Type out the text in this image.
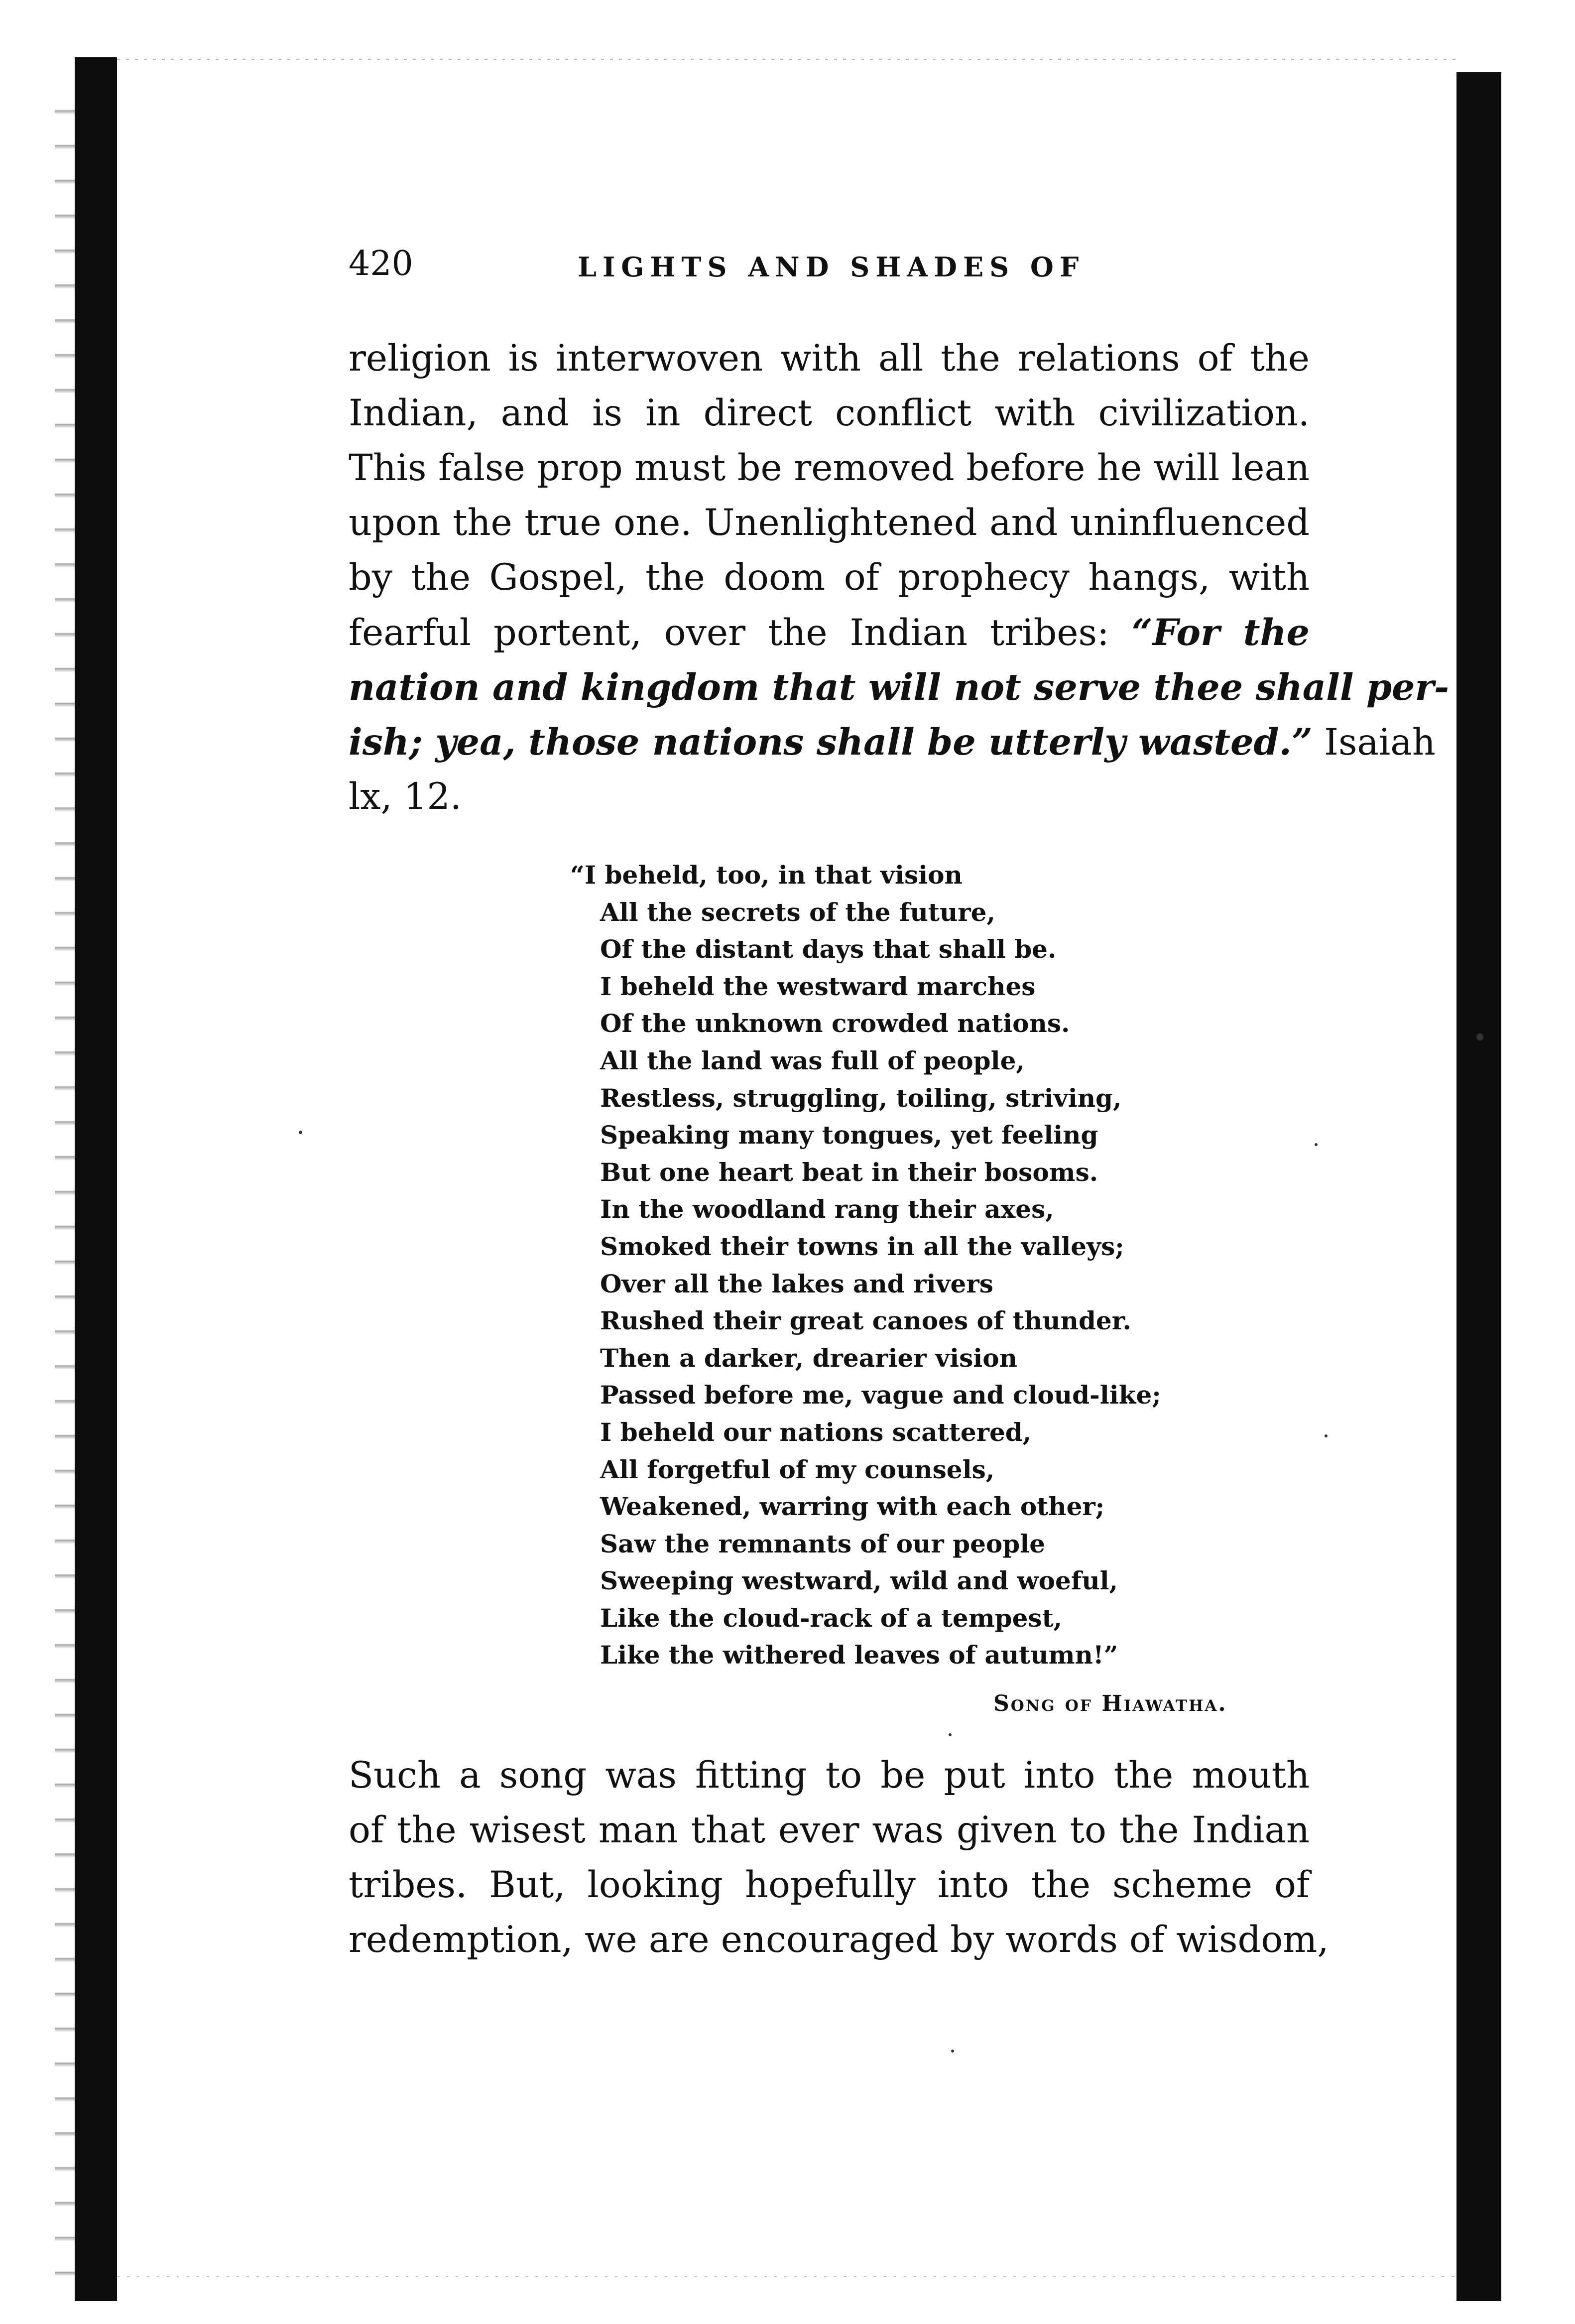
420	LIGHTS AND SHADES OF
religion is interwoven with all the relations of the
Indian, and is in direct conflict with civilization.
This false prop must be removed before he will lean
upon the true one. Unenlightened and uninfluenced
by the Gospel, the doom of prophecy hangs, with
fearful portent, over the Indian tribes: “For the
nation and kingdom that will not serve thee shall per-
ish; yea, those nations shall be utterly wasted.” Isaiah
lx, 12.
“I beheld, too, in that vision
All the secrets of the future,
Of the distant days that shall be.
I beheld the westward marches
Of the unknown crowded nations.
All the land was full of people,
Restless, struggling, toiling, striving,
Speaking many tongues, yet feeling
But one heart beat in their bosoms.
In the woodland rang their axes,
Smoked their towns in all the valleys;
Over all the lakes and rivers
Rushed their great canoes of thunder.
Then a darker, drearier vision
Passed before me, vague and cloud-like;
I beheld our nations scattered,
All forgetful of my counsels,
Weakened, warring with each other;
Saw the remnants of our people
Sweeping westward, wild and woeful,
Like the cloud-rack of a tempest,
Like the withered leaves of autumn!”
Song of Hiawatha.
Such a song was fitting to be put into the mouth
of the wisest man that ever was given to the Indian
tribes. But, looking hopefully into the scheme of
redemption, we are encouraged by words of wisdom,
